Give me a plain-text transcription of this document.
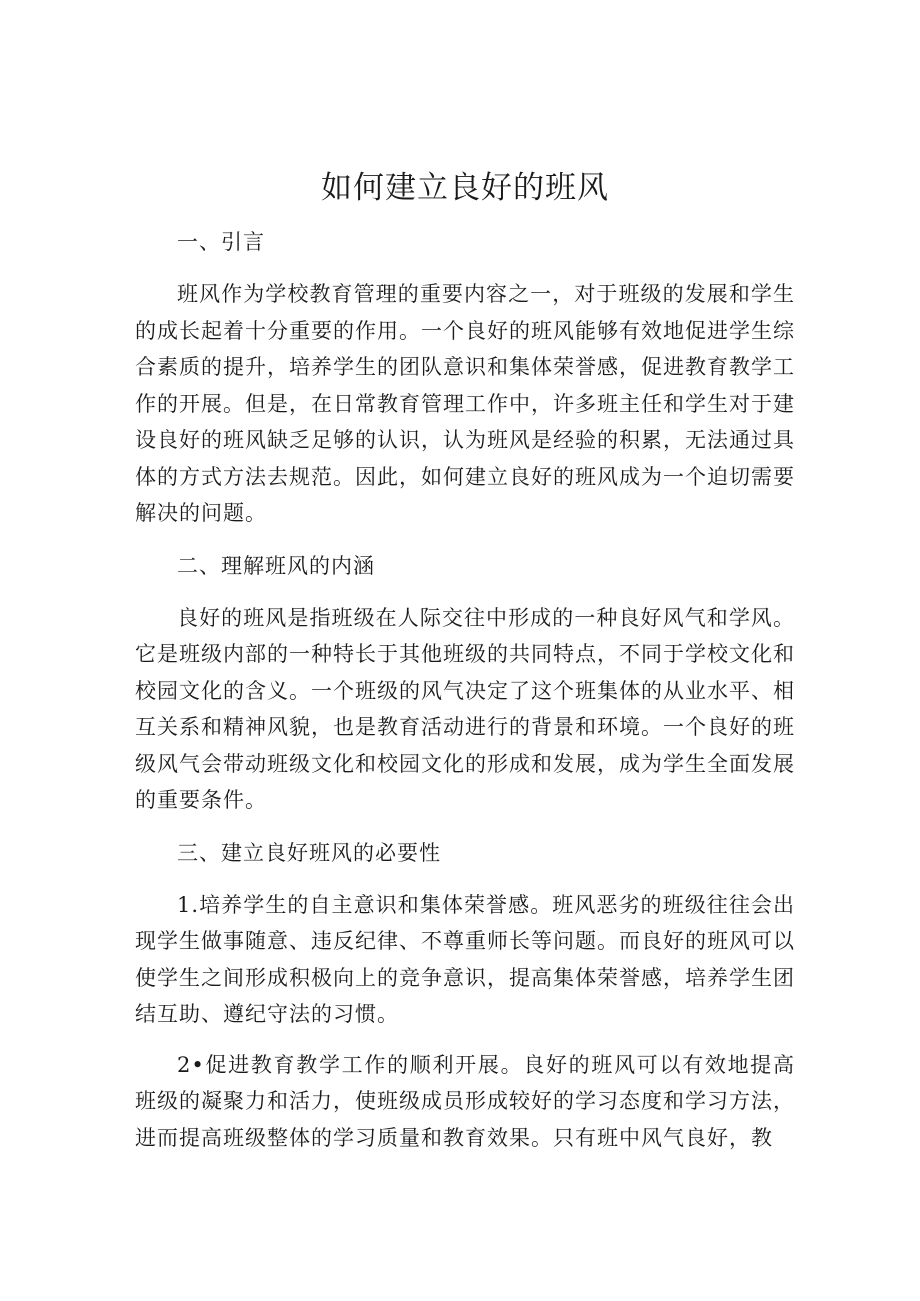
如何建立良好的班风

一、引言

班风作为学校教育管理的重要内容之一，对于班级的发展和学生的成长起着十分重要的作用。一个良好的班风能够有效地促进学生综合素质的提升，培养学生的团队意识和集体荣誉感，促进教育教学工作的开展。但是，在日常教育管理工作中，许多班主任和学生对于建设良好的班风缺乏足够的认识，认为班风是经验的积累，无法通过具体的方式方法去规范。因此，如何建立良好的班风成为一个迫切需要解决的问题。

二、理解班风的内涵

良好的班风是指班级在人际交往中形成的一种良好风气和学风。它是班级内部的一种特长于其他班级的共同特点，不同于学校文化和校园文化的含义。一个班级的风气决定了这个班集体的从业水平、相互关系和精神风貌，也是教育活动进行的背景和环境。一个良好的班级风气会带动班级文化和校园文化的形成和发展，成为学生全面发展的重要条件。

三、建立良好班风的必要性

1.培养学生的自主意识和集体荣誉感。班风恶劣的班级往往会出现学生做事随意、违反纪律、不尊重师长等问题。而良好的班风可以使学生之间形成积极向上的竞争意识，提高集体荣誉感，培养学生团结互助、遵纪守法的习惯。

2•促进教育教学工作的顺利开展。良好的班风可以有效地提高班级的凝聚力和活力，使班级成员形成较好的学习态度和学习方法，进而提高班级整体的学习质量和教育效果。只有班中风气良好，教
